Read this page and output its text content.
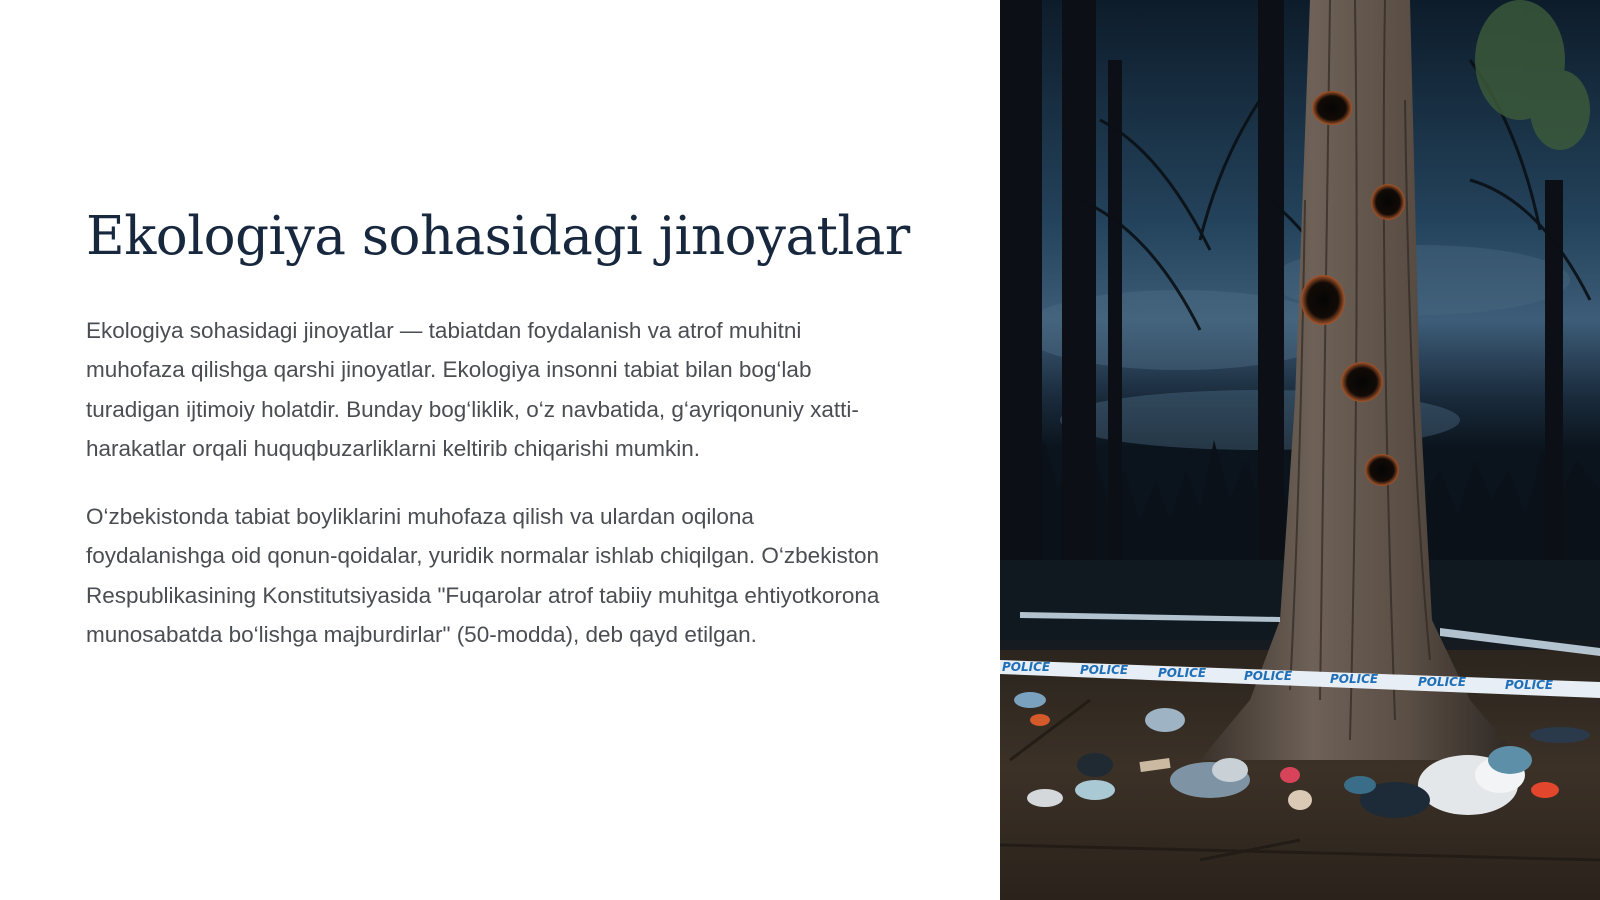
Ekologiya sohasidagi jinoyatlar

Ekologiya sohasidagi jinoyatlar — tabiatdan foydalanish va atrof muhitni muhofaza qilishga qarshi jinoyatlar. Ekologiya insonni tabiat bilan bog‘lab turadigan ijtimoiy holatdir. Bunday bog‘liklik, o‘z navbatida, g‘ayriqonuniy xatti-harakatlar orqali huquqbuzarliklarni keltirib chiqarishi mumkin.

O‘zbekistonda tabiat boyliklarini muhofaza qilish va ulardan oqilona foydalanishga oid qonun-qoidalar, yuridik normalar ishlab chiqilgan. O‘zbekiston Respublikasining Konstitutsiyasida "Fuqarolar atrof tabiiy muhitga ehtiyotkorona munosabatda bo‘lishga majburdirlar" (50-modda), deb qayd etilgan.

POLICE POLICE POLICE	POLICE	POLICE	POLICE	POLICE
